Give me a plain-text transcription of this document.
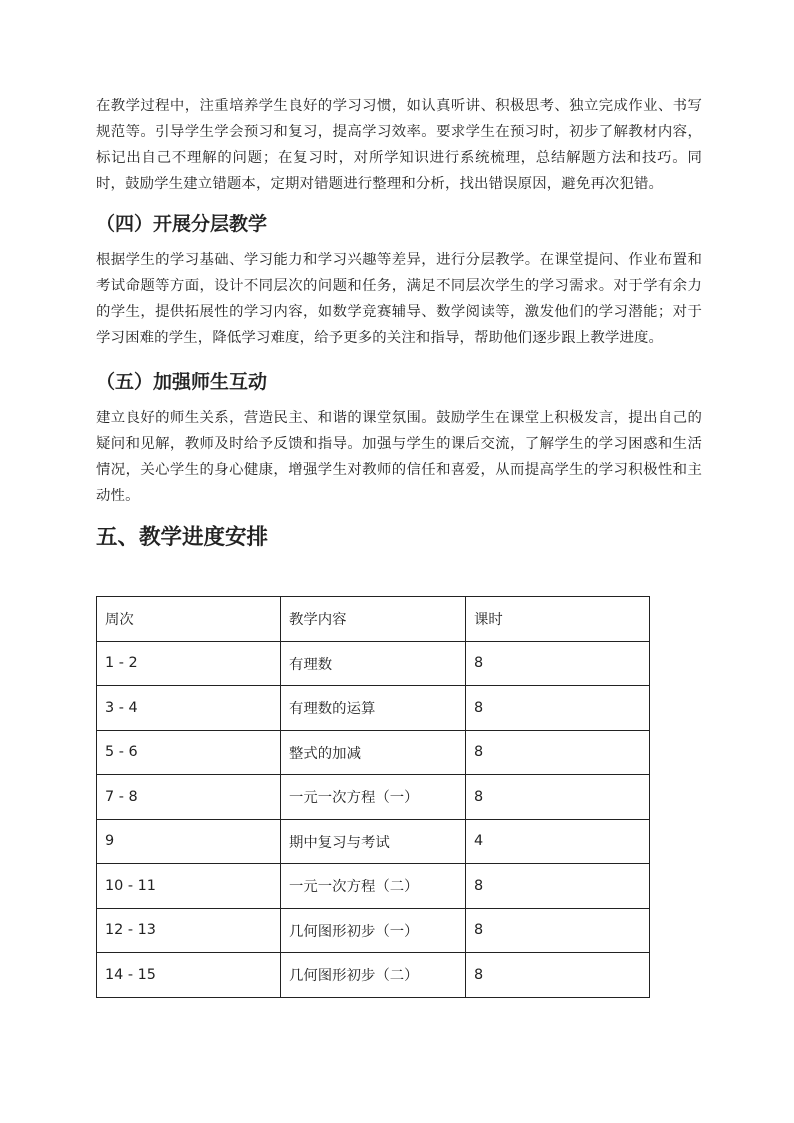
在教学过程中，注重培养学生良好的学习习惯，如认真听讲、积极思考、独立完成作业、书写规范等。引导学生学会预习和复习，提高学习效率。要求学生在预习时，初步了解教材内容，标记出自己不理解的问题；在复习时，对所学知识进行系统梳理，总结解题方法和技巧。同时，鼓励学生建立错题本，定期对错题进行整理和分析，找出错误原因，避免再次犯错。

（四）开展分层教学

根据学生的学习基础、学习能力和学习兴趣等差异，进行分层教学。在课堂提问、作业布置和考试命题等方面，设计不同层次的问题和任务，满足不同层次学生的学习需求。对于学有余力的学生，提供拓展性的学习内容，如数学竞赛辅导、数学阅读等，激发他们的学习潜能；对于学习困难的学生，降低学习难度，给予更多的关注和指导，帮助他们逐步跟上教学进度。

（五）加强师生互动

建立良好的师生关系，营造民主、和谐的课堂氛围。鼓励学生在课堂上积极发言，提出自己的疑问和见解，教师及时给予反馈和指导。加强与学生的课后交流，了解学生的学习困惑和生活情况，关心学生的身心健康，增强学生对教师的信任和喜爱，从而提高学生的学习积极性和主动性。

五、教学进度安排
周次	教学内容	课时
1 - 2	有理数	8
3 - 4	有理数的运算	8
5 - 6	整式的加减	8
7 - 8	一元一次方程（一）	8
9	期中复习与考试	4
10 - 11	一元一次方程（二）	8
12 - 13	几何图形初步（一）	8
14 - 15	几何图形初步（二）	8
